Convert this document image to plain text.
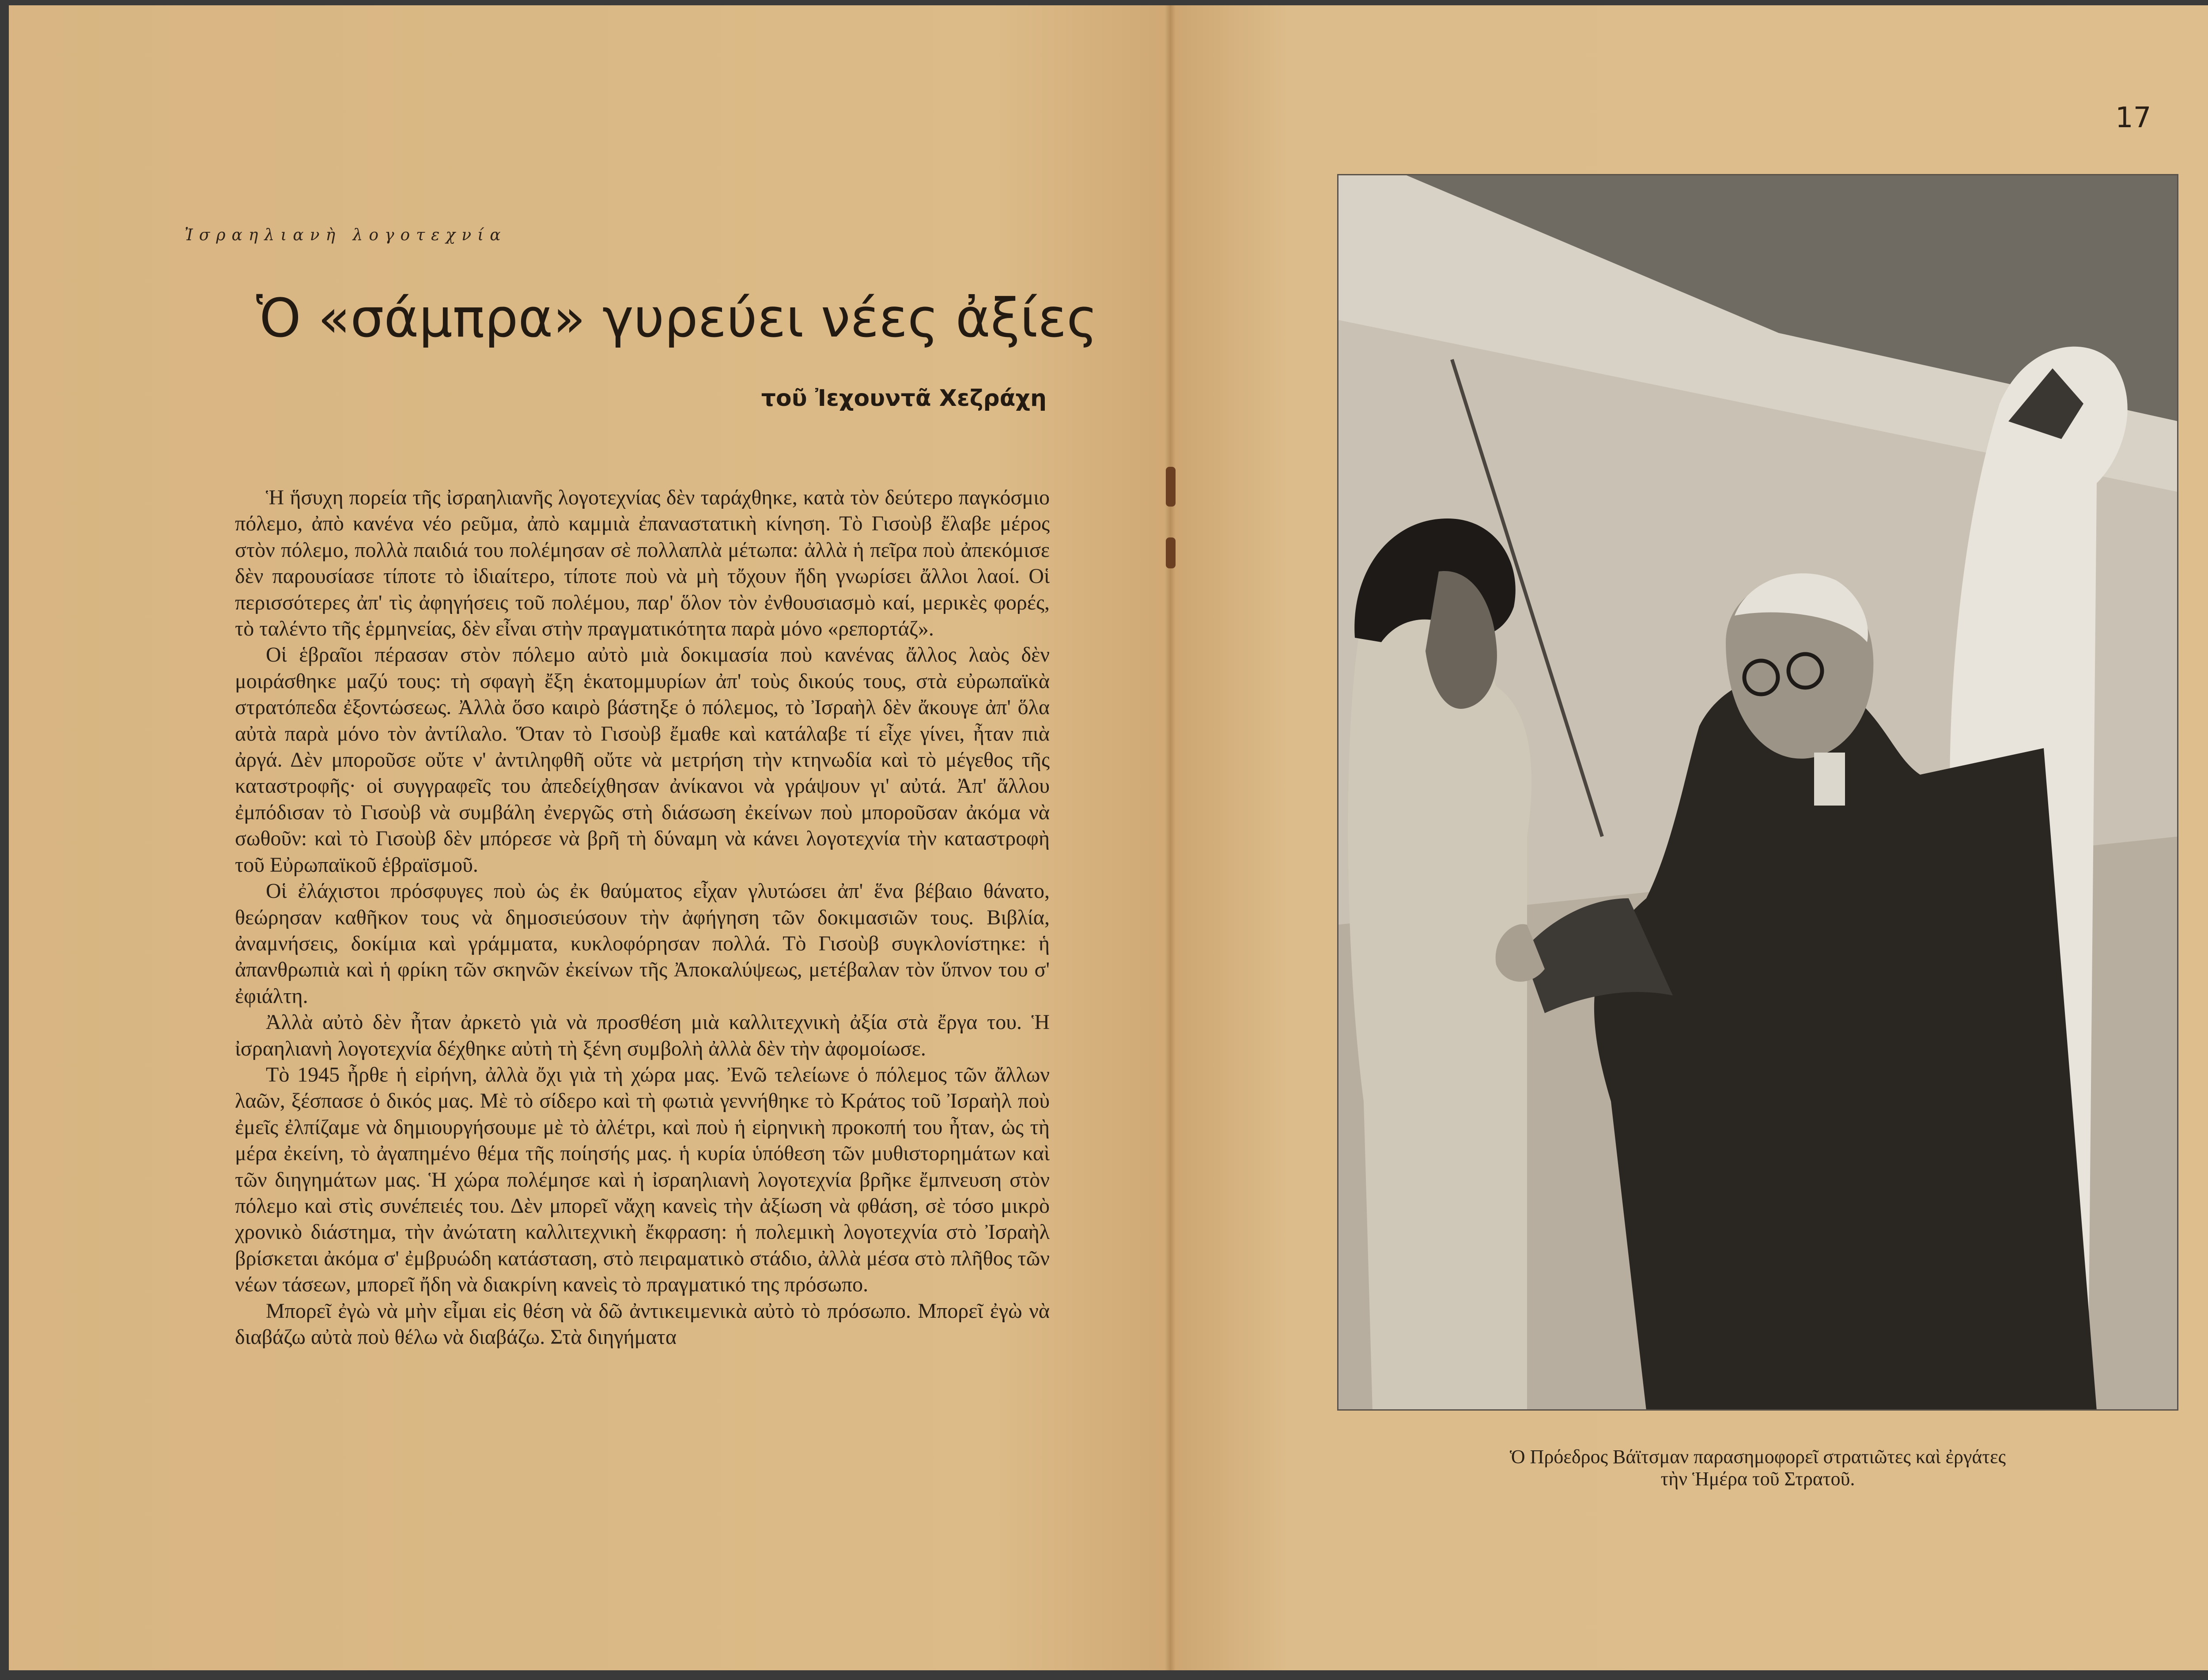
Ἰσραηλιανὴ λογοτεχνία
Ὁ «σάμπρα» γυρεύει νέες ἀξίες
τοῦ Ἰεχουντᾶ Χεζράχη

Ἡ ἥσυχη πορεία τῆς ἰσραηλιανῆς λογοτεχνίας δὲν ταράχθηκε, κατὰ τὸν δεύτερο παγκόσμιο πόλεμο, ἀπὸ κανένα νέο ρεῦμα, ἀπὸ καμμιὰ ἐπαναστατικὴ κίνηση. Τὸ Γισοὺβ ἔλαβε μέρος στὸν πόλεμο, πολλὰ παιδιά του πολέμησαν σὲ πολλαπλὰ μέτωπα: ἀλλὰ ἡ πεῖρα ποὺ ἀπεκόμισε δὲν παρουσίασε τίποτε τὸ ἰδιαίτερο, τίποτε ποὺ νὰ μὴ τὄχουν ἤδη γνωρίσει ἄλλοι λαοί. Οἱ περισσότερες ἀπ' τὶς ἀφηγήσεις τοῦ πολέμου, παρ' ὅλον τὸν ἐνθουσιασμὸ καί, μερικὲς φορές, τὸ ταλέντο τῆς ἑρμηνείας, δὲν εἶναι στὴν πραγματικότητα παρὰ μόνο «ρεπορτάζ».

Οἱ ἑβραῖοι πέρασαν στὸν πόλεμο αὐτὸ μιὰ δοκιμασία ποὺ κανένας ἄλλος λαὸς δὲν μοιράσθηκε μαζύ τους: τὴ σφαγὴ ἔξη ἑκατομμυρίων ἀπ' τοὺς δικούς τους, στὰ εὐρωπαϊκὰ στρατόπεδα ἐξοντώσεως. Ἀλλὰ ὅσο καιρὸ βάστηξε ὁ πόλεμος, τὸ Ἰσραὴλ δὲν ἄκουγε ἀπ' ὅλα αὐτὰ παρὰ μόνο τὸν ἀντίλαλο. Ὅταν τὸ Γισοὺβ ἔμαθε καὶ κατάλαβε τί εἶχε γίνει, ἦταν πιὰ ἀργά. Δὲν μποροῦσε οὔτε ν' ἀντιληφθῆ οὔτε νὰ μετρήση τὴν κτηνωδία καὶ τὸ μέγεθος τῆς καταστροφῆς· οἱ συγγραφεῖς του ἀπεδείχθησαν ἀνίκανοι νὰ γράψουν γι' αὐτά. Ἀπ' ἄλλου ἐμπόδισαν τὸ Γισοὺβ νὰ συμβάλη ἐνεργῶς στὴ διάσωση ἐκείνων ποὺ μποροῦσαν ἀκόμα νὰ σωθοῦν: καὶ τὸ Γισοὺβ δὲν μπόρεσε νὰ βρῆ τὴ δύναμη νὰ κάνει λογοτεχνία τὴν καταστροφὴ τοῦ Εὐρωπαϊκοῦ ἑβραϊσμοῦ.

Οἱ ἐλάχιστοι πρόσφυγες ποὺ ὡς ἐκ θαύματος εἶχαν γλυτώσει ἀπ' ἕνα βέβαιο θάνατο, θεώρησαν καθῆκον τους νὰ δημοσιεύσουν τὴν ἀφήγηση τῶν δοκιμασιῶν τους. Βιβλία, ἀναμνήσεις, δοκίμια καὶ γράμματα, κυκλοφόρησαν πολλά. Τὸ Γισοὺβ συγκλονίστηκε: ἡ ἀπανθρωπιὰ καὶ ἡ φρίκη τῶν σκηνῶν ἐκείνων τῆς Ἀποκαλύψεως, μετέβαλαν τὸν ὕπνον του σ' ἐφιάλτη.

Ἀλλὰ αὐτὸ δὲν ἦταν ἀρκετὸ γιὰ νὰ προσθέση μιὰ καλλιτεχνικὴ ἀξία στὰ ἔργα του. Ἡ ἰσραηλιανὴ λογοτεχνία δέχθηκε αὐτὴ τὴ ξένη συμβολὴ ἀλλὰ δὲν τὴν ἀφομοίωσε.

Τὸ 1945 ἦρθε ἡ εἰρήνη, ἀλλὰ ὄχι γιὰ τὴ χώρα μας. Ἐνῶ τελείωνε ὁ πόλεμος τῶν ἄλλων λαῶν, ξέσπασε ὁ δικός μας. Μὲ τὸ σίδερο καὶ τὴ φωτιὰ γεννήθηκε τὸ Κράτος τοῦ Ἰσραὴλ ποὺ ἐμεῖς ἐλπίζαμε νὰ δημιουργήσουμε μὲ τὸ ἀλέτρι, καὶ ποὺ ἡ εἰρηνικὴ προκοπή του ἦταν, ὡς τὴ μέρα ἐκείνη, τὸ ἀγαπημένο θέμα τῆς ποίησής μας. ἡ κυρία ὑπόθεση τῶν μυθιστορημάτων καὶ τῶν διηγημάτων μας. Ἡ χώρα πολέμησε καὶ ἡ ἰσραηλιανὴ λογοτεχνία βρῆκε ἔμπνευση στὸν πόλεμο καὶ στὶς συνέπειές του. Δὲν μπορεῖ νἄχη κανεὶς τὴν ἀξίωση νὰ φθάση, σὲ τόσο μικρὸ χρονικὸ διάστημα, τὴν ἀνώτατη καλλιτεχνικὴ ἔκφραση: ἡ πολεμικὴ λογοτεχνία στὸ Ἰσραὴλ βρίσκεται ἀκόμα σ' ἐμβρυώδη κατάσταση, στὸ πειραματικὸ στάδιο, ἀλλὰ μέσα στὸ πλῆθος τῶν νέων τάσεων, μπορεῖ ἤδη νὰ διακρίνη κανεὶς τὸ πραγματικό της πρόσωπο.

Μπορεῖ ἐγὼ νὰ μὴν εἶμαι εἰς θέση νὰ δῶ ἀντικειμενικὰ αὐτὸ τὸ πρόσωπο. Μπορεῖ ἐγὼ νὰ διαβάζω αὐτὰ ποὺ θέλω νὰ διαβάζω. Στὰ διηγήματα

17
Ὁ Πρόεδρος Βάϊτσμαν παρασημοφορεῖ στρατιῶτες καὶ ἐργάτες
τὴν Ἡμέρα τοῦ Στρατοῦ.
